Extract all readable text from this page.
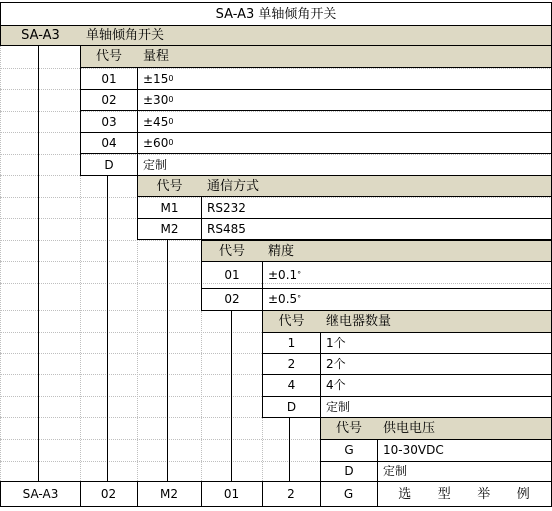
SA-A3 单轴倾角开关
SA-A3	单轴倾角开关
代号	量程
01	±15 0
02	±30 0
03	±45 0
04	±60 0
D	定制
代号	通信方式
M1	RS232
M2	RS485
代号	精度
01	±0.1 °
02	±0.5 °
代号	继电器数量
1	1个
2	2个
4	4个
D	定制
代号	供电电压
G	10-30VDC
D	定制
SA-A3	02	M2	01	2	G	选 型 举 例
